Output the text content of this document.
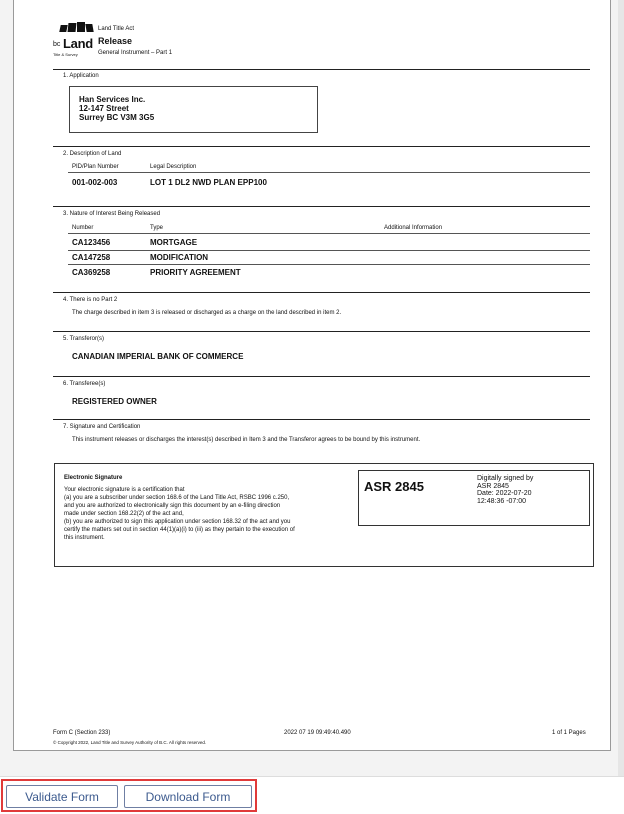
bc Land
Title & Survey
Land Title Act
Release
General Instrument – Part 1
1. Application
Han Services Inc.
12-147 Street
Surrey BC V3M 3G5
2. Description of Land
PID/Plan Number	Legal Description
001-002-003	LOT 1 DL2 NWD PLAN EPP100
3. Nature of Interest Being Released
Number	Type	Additional Information
CA123456	MORTGAGE
CA147258	MODIFICATION
CA369258	PRIORITY AGREEMENT
4. There is no Part 2
The charge described in item 3 is released or discharged as a charge on the land described in item 2.
5. Transferor(s)
CANADIAN IMPERIAL BANK OF COMMERCE
6. Transferee(s)
REGISTERED OWNER
7. Signature and Certification
This instrument releases or discharges the interest(s) described in Item 3 and the Transferor agrees to be bound by this instrument.
Electronic Signature
Your electronic signature is a certification that
(a) you are a subscriber under section 168.6 of the Land Title Act, RSBC 1996 c.250,
and you are authorized to electronically sign this document by an e-filing direction
made under section 168.22(2) of the act and,
(b) you are authorized to sign this application under section 168.32 of the act and you
certify the matters set out in section 44(1)(a)(i) to (iii) as they pertain to the execution of
this instrument.
ASR 2845
Digitally signed by
ASR 2845
Date: 2022-07-20
12:48:36 -07:00
Form C (Section 233)
© Copyright 2022, Land Title and Survey Authority of B.C. All rights reserved.
2022 07 19 09:49:40.490	1 of 1 Pages
Validate Form	Download Form
